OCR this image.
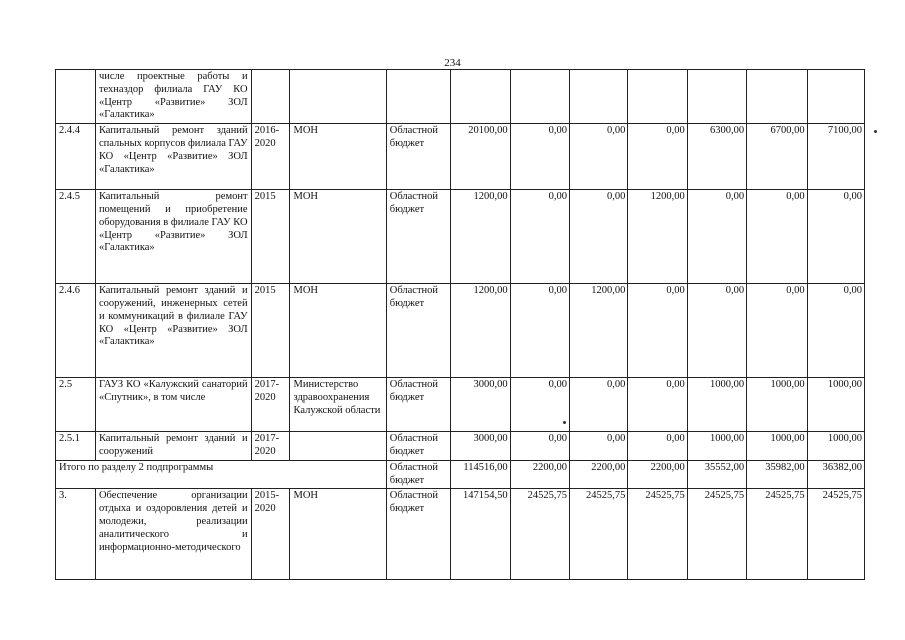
234
	числе проектные работы и техназдор филиала ГАУ КО «Центр «Развитие» ЗОЛ «Галактика»										
2.4.4	Капитальный ремонт зданий спальных корпусов филиала ГАУ КО «Центр «Развитие» ЗОЛ «Галактика»	2016-2020	МОН	Областной бюджет	20100,00	0,00	0,00	0,00	6300,00	6700,00	7100,00
2.4.5	Капитальный ремонт помещений и приобретение оборудования в филиале ГАУ КО «Центр «Развитие» ЗОЛ «Галактика»	2015	МОН	Областной бюджет	1200,00	0,00	0,00	1200,00	0,00	0,00	0,00
2.4.6	Капитальный ремонт зданий и сооружений, инженерных сетей и коммуникаций в филиале ГАУ КО «Центр «Развитие» ЗОЛ «Галактика»	2015	МОН	Областной бюджет	1200,00	0,00	1200,00	0,00	0,00	0,00	0,00
2.5	ГАУЗ КО «Калужский санаторий «Спутник», в том числе	2017-2020	Министерство здравоохранения Калужской области	Областной бюджет	3000,00	0,00	0,00	0,00	1000,00	1000,00	1000,00
2.5.1	Капитальный ремонт зданий и сооружений	2017-2020		Областной бюджет	3000,00	0,00	0,00	0,00	1000,00	1000,00	1000,00
Итого по разделу 2 подпрограммы				Областной бюджет	114516,00	2200,00	2200,00	2200,00	35552,00	35982,00	36382,00
3.	Обеспечение организации отдыха и оздоровления детей и молодежи, реализации аналитического и информационно-методического	2015-2020	МОН	Областной бюджет	147154,50	24525,75	24525,75	24525,75	24525,75	24525,75	24525,75
